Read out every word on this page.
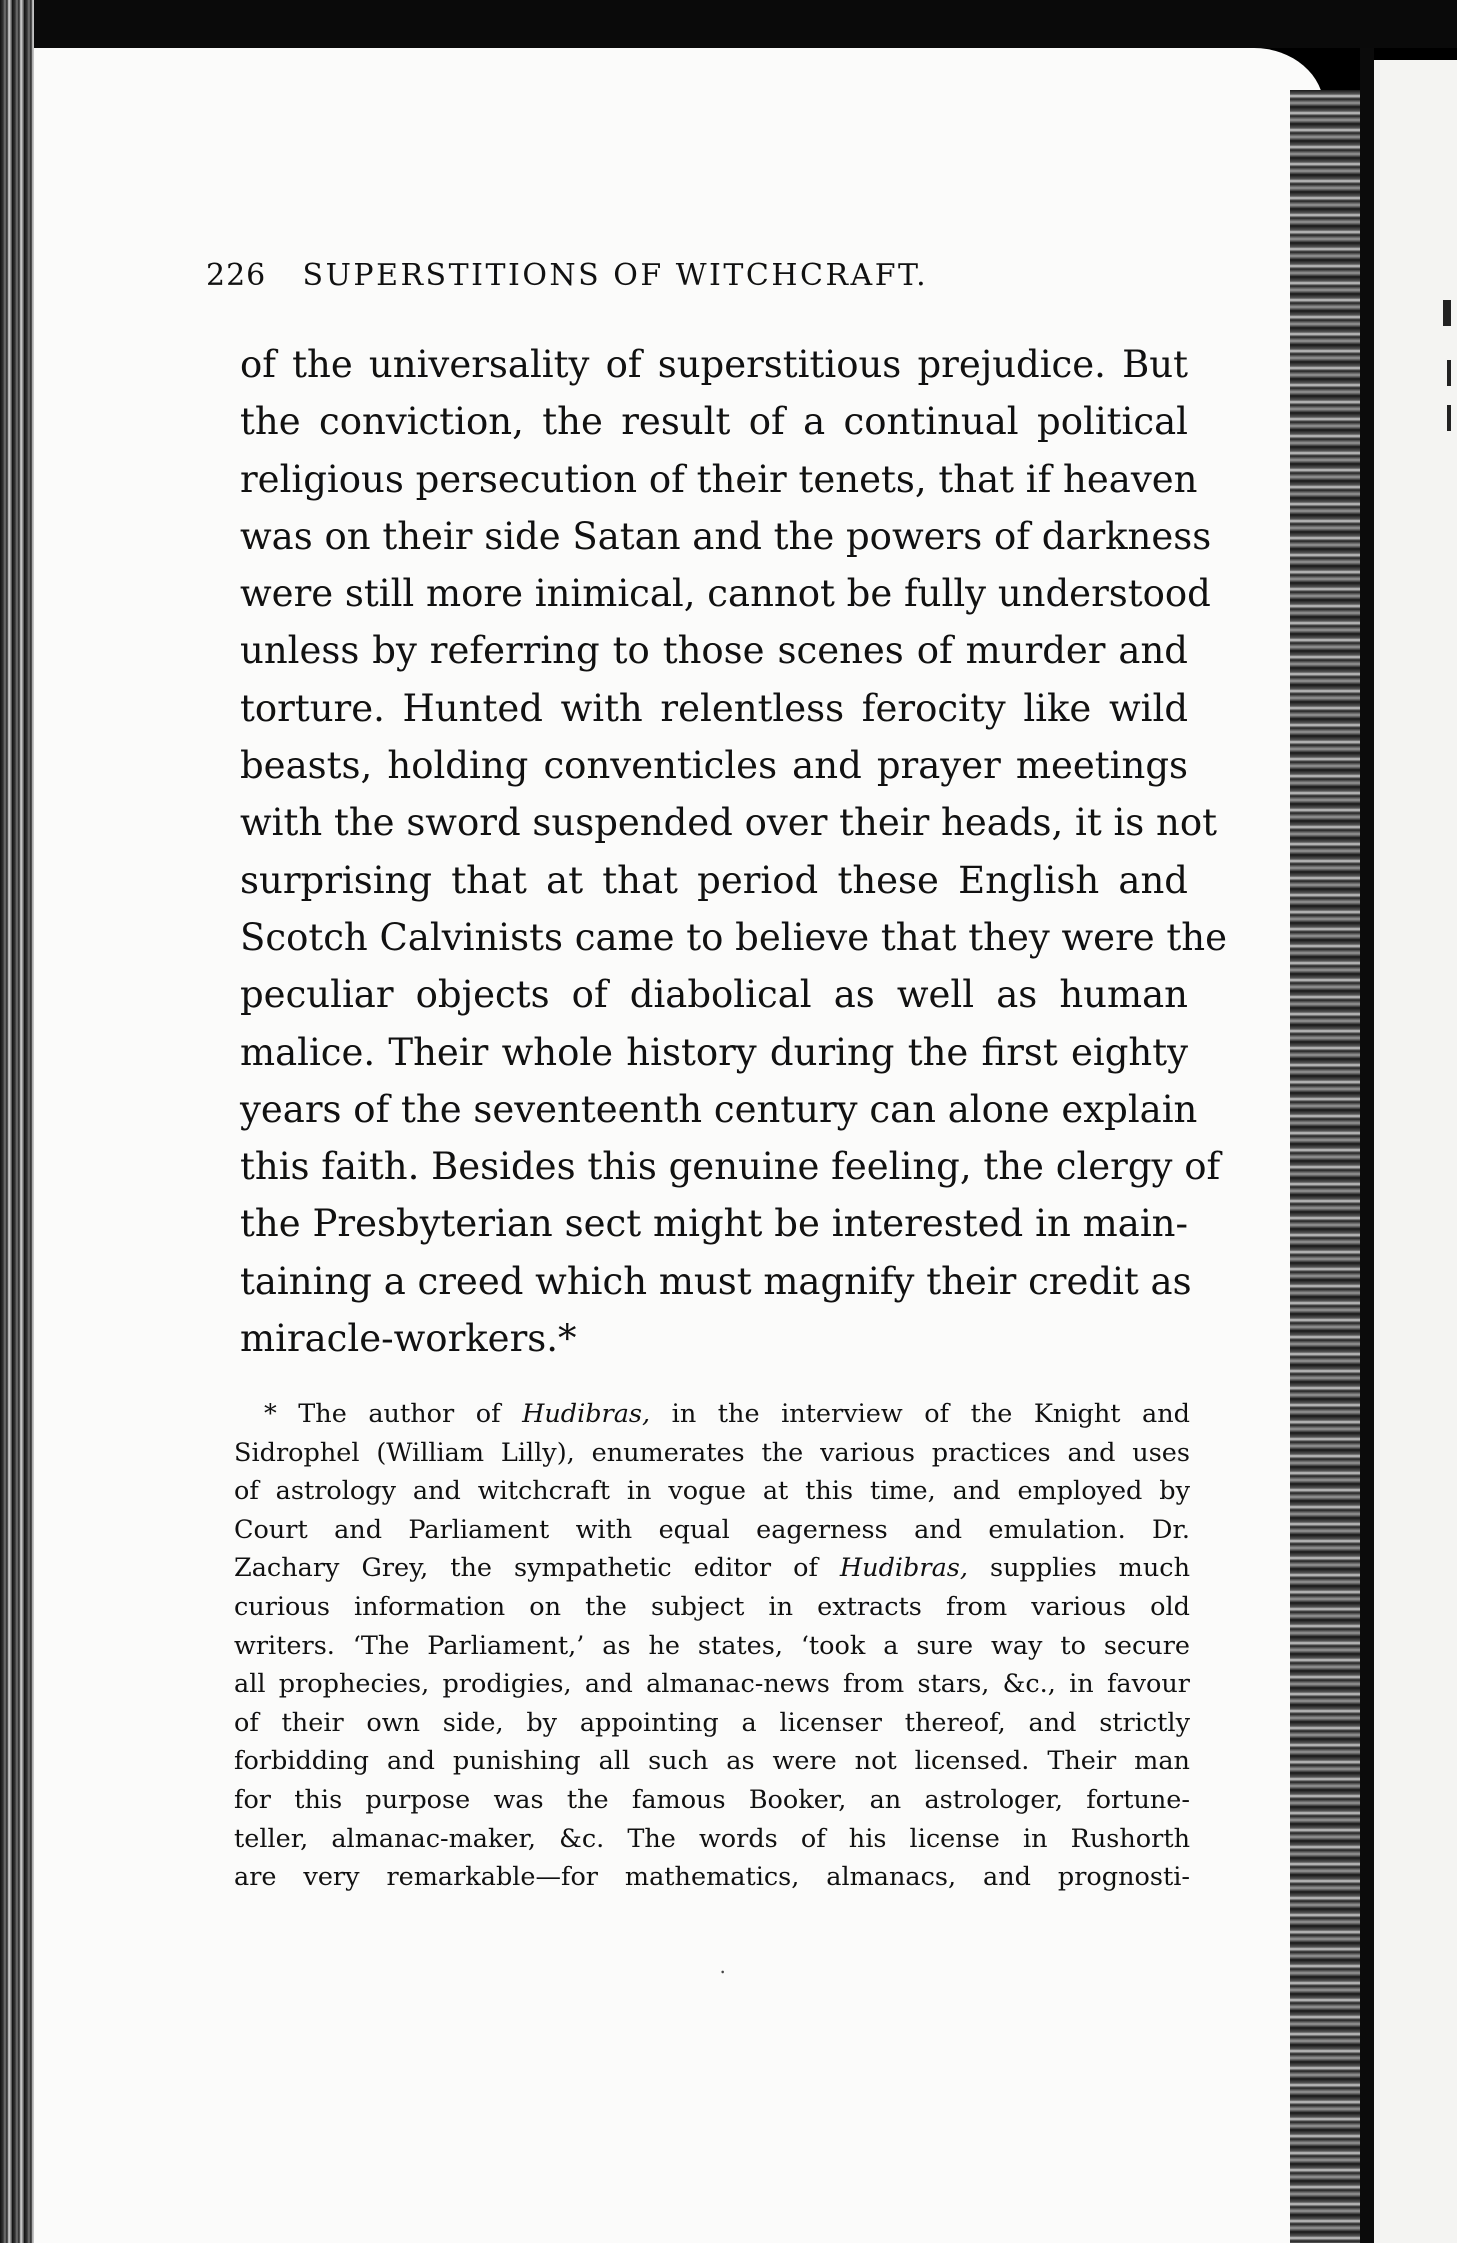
226 SUPERSTITIONS OF WITCHCRAFT.
of the universality of superstitious prejudice. But
the conviction, the result of a continual political
religious persecution of their tenets, that if heaven
was on their side Satan and the powers of darkness
were still more inimical, cannot be fully understood
unless by referring to those scenes of murder and
torture. Hunted with relentless ferocity like wild
beasts, holding conventicles and prayer meetings
with the sword suspended over their heads, it is not
surprising that at that period these English and
Scotch Calvinists came to believe that they were the
peculiar objects of diabolical as well as human
malice. Their whole history during the first eighty
years of the seventeenth century can alone explain
this faith. Besides this genuine feeling, the clergy of
the Presbyterian sect might be interested in main-
taining a creed which must magnify their credit as
miracle-workers.*
* The author of Hudibras, in the interview of the Knight and
Sidrophel (William Lilly), enumerates the various practices and uses
of astrology and witchcraft in vogue at this time, and employed by
Court and Parliament with equal eagerness and emulation. Dr.
Zachary Grey, the sympathetic editor of Hudibras, supplies much
curious information on the subject in extracts from various old
writers. ‘The Parliament,’ as he states, ‘took a sure way to secure
all prophecies, prodigies, and almanac-news from stars, &c., in favour
of their own side, by appointing a licenser thereof, and strictly
forbidding and punishing all such as were not licensed. Their man
for this purpose was the famous Booker, an astrologer, fortune-
teller, almanac-maker, &c. The words of his license in Rushorth
are very remarkable—for mathematics, almanacs, and prognosti-
⸳
